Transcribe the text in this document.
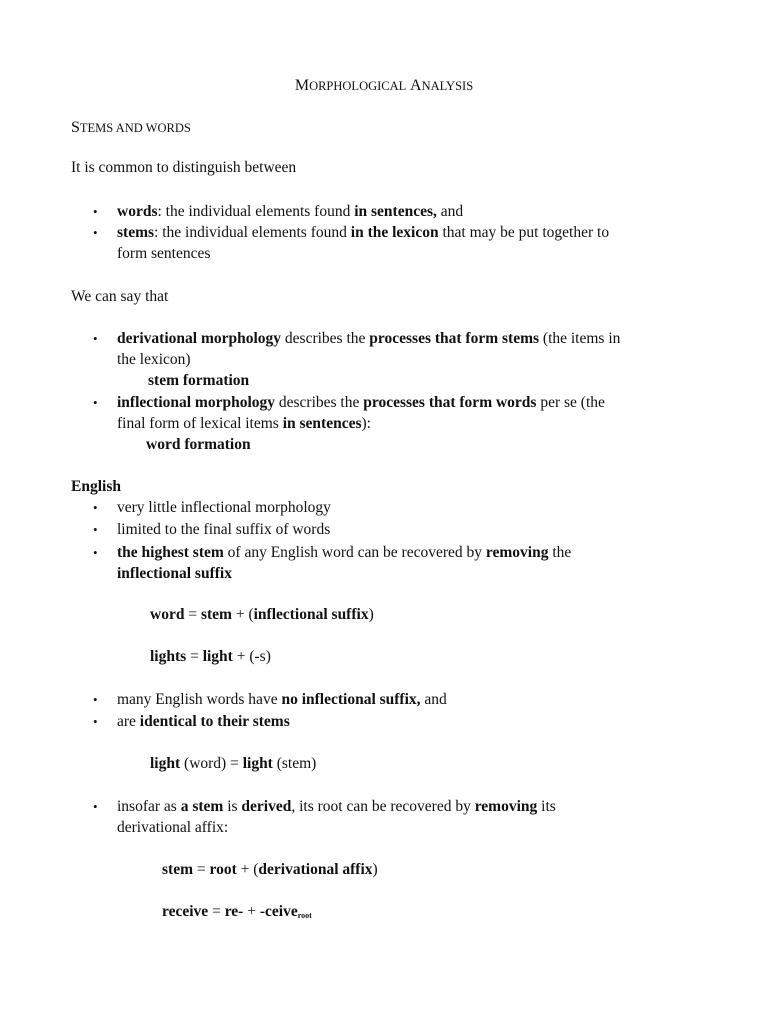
MORPHOLOGICAL ANALYSIS
STEMS AND WORDS
It is common to distinguish between
• words: the individual elements found in sentences, and
• stems: the individual elements found in the lexicon that may be put together to
form sentences
We can say that
• derivational morphology describes the processes that form stems (the items in
the lexicon)
stem formation
• inflectional morphology describes the processes that form words per se (the
final form of lexical items in sentences):
word formation
English
• very little inflectional morphology
• limited to the final suffix of words
• the highest stem of any English word can be recovered by removing the
inflectional suffix
word = stem + (inflectional suffix)
lights = light + (-s)
• many English words have no inflectional suffix, and
• are identical to their stems
light (word) = light (stem)
• insofar as a stem is derived, its root can be recovered by removing its
derivational affix:
stem = root + (derivational affix)
receive = re- + -ceive$_{root}$
